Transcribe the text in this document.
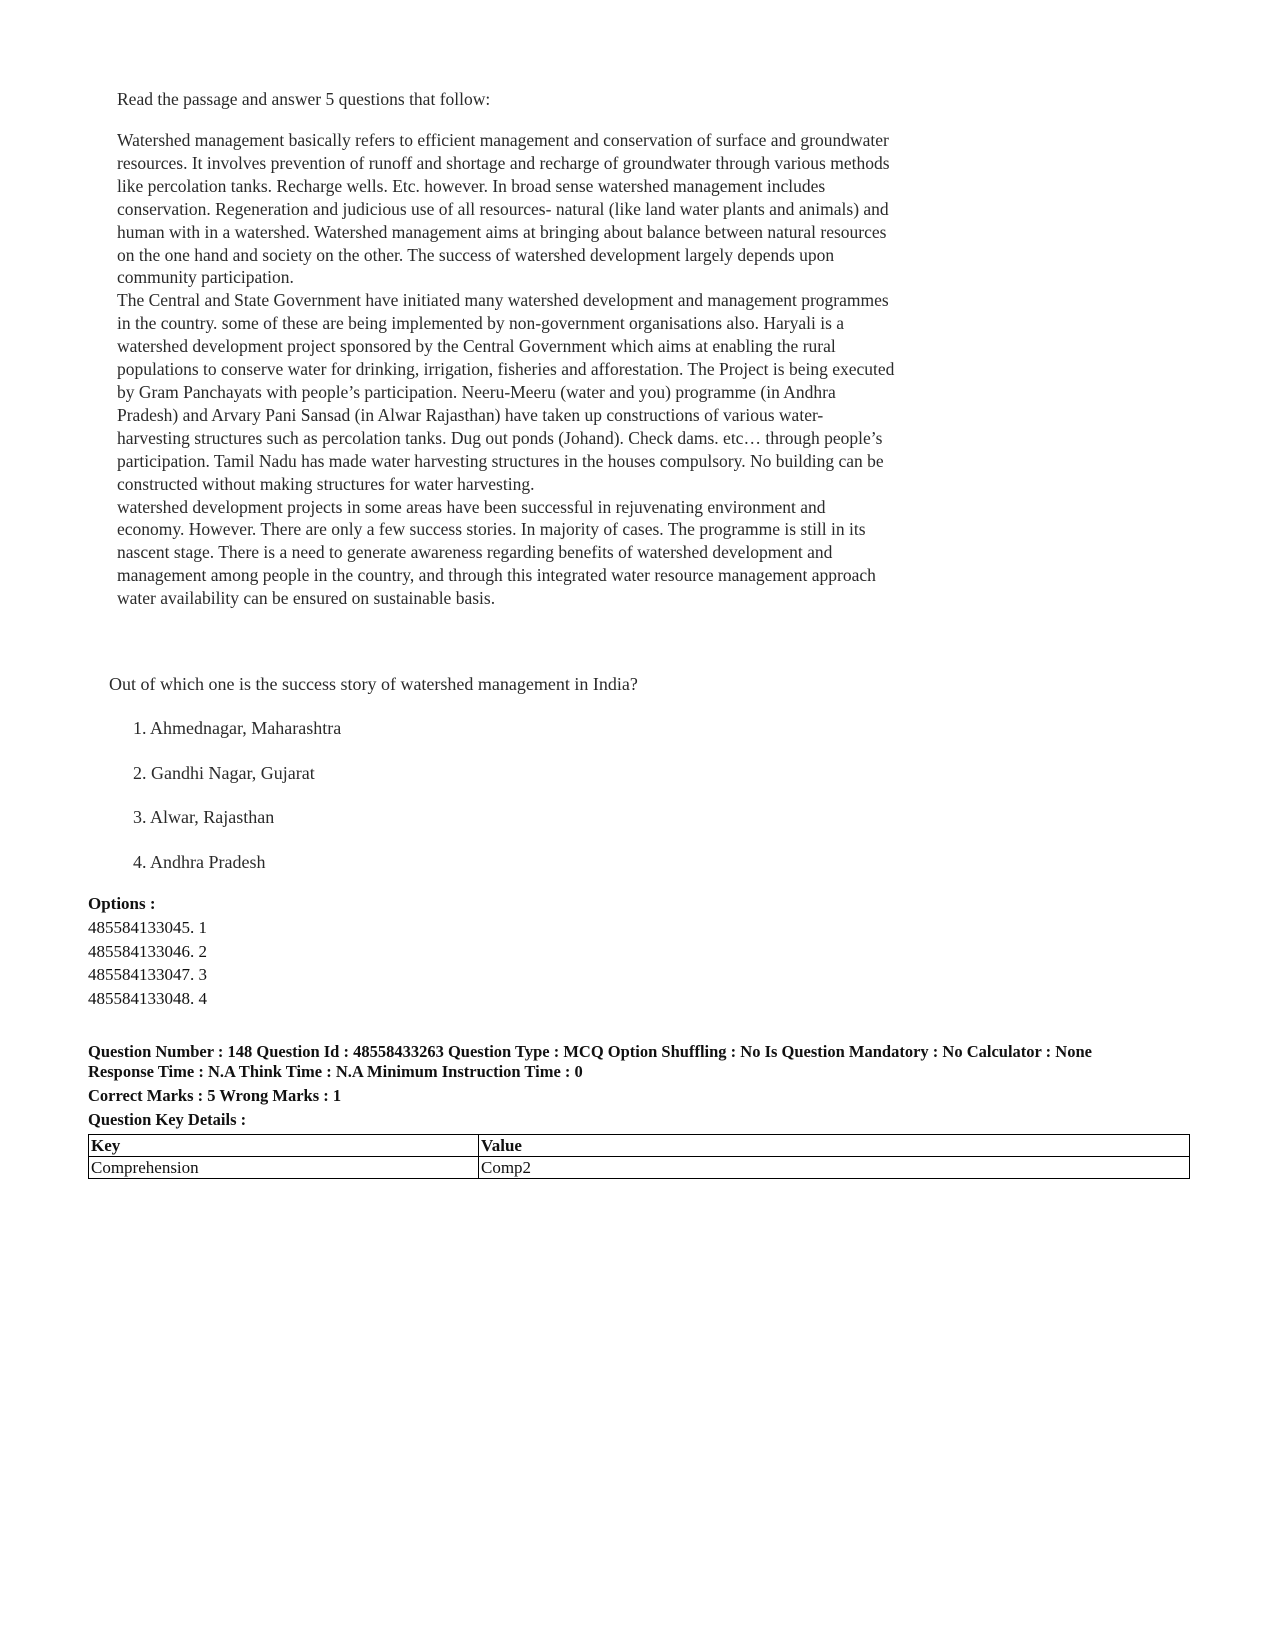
Read the passage and answer 5 questions that follow:
Watershed management basically refers to efficient management and conservation of surface and groundwater
resources. It involves prevention of runoff and shortage and recharge of groundwater through various methods
like percolation tanks. Recharge wells. Etc. however. In broad sense watershed management includes
conservation. Regeneration and judicious use of all resources- natural (like land water plants and animals) and
human with in a watershed. Watershed management aims at bringing about balance between natural resources
on the one hand and society on the other. The success of watershed development largely depends upon
community participation.
The Central and State Government have initiated many watershed development and management programmes
in the country. some of these are being implemented by non-government organisations also. Haryali is a
watershed development project sponsored by the Central Government which aims at enabling the rural
populations to conserve water for drinking, irrigation, fisheries and afforestation. The Project is being executed
by Gram Panchayats with people’s participation. Neeru-Meeru (water and you) programme (in Andhra
Pradesh) and Arvary Pani Sansad (in Alwar Rajasthan) have taken up constructions of various water-
harvesting structures such as percolation tanks. Dug out ponds (Johand). Check dams. etc… through people’s
participation. Tamil Nadu has made water harvesting structures in the houses compulsory. No building can be
constructed without making structures for water harvesting.
watershed development projects in some areas have been successful in rejuvenating environment and
economy. However. There are only a few success stories. In majority of cases. The programme is still in its
nascent stage. There is a need to generate awareness regarding benefits of watershed development and
management among people in the country, and through this integrated water resource management approach
water availability can be ensured on sustainable basis.
Out of which one is the success story of watershed management in India?
1. Ahmednagar, Maharashtra
2. Gandhi Nagar, Gujarat
3. Alwar, Rajasthan
4. Andhra Pradesh
Options :
485584133045. 1
485584133046. 2
485584133047. 3
485584133048. 4
Question Number : 148 Question Id : 48558433263 Question Type : MCQ Option Shuffling : No Is Question Mandatory : No Calculator : None
Response Time : N.A Think Time : N.A Minimum Instruction Time : 0
Correct Marks : 5 Wrong Marks : 1
Question Key Details :
Key	Value
Comprehension	Comp2
